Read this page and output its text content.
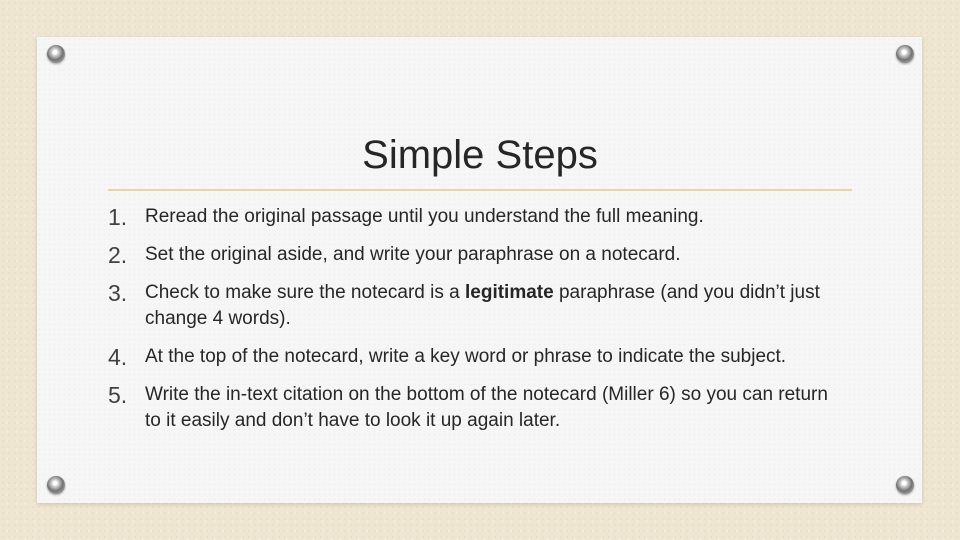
Simple Steps
1. Reread the original passage until you understand the full meaning.
2. Set the original aside, and write your paraphrase on a notecard.
3. Check to make sure the notecard is a legitimate paraphrase (and you didn’t just change 4 words).
4. At the top of the notecard, write a key word or phrase to indicate the subject.
5. Write the in-text citation on the bottom of the notecard (Miller 6) so you can return to it easily and don’t have to look it up again later.
